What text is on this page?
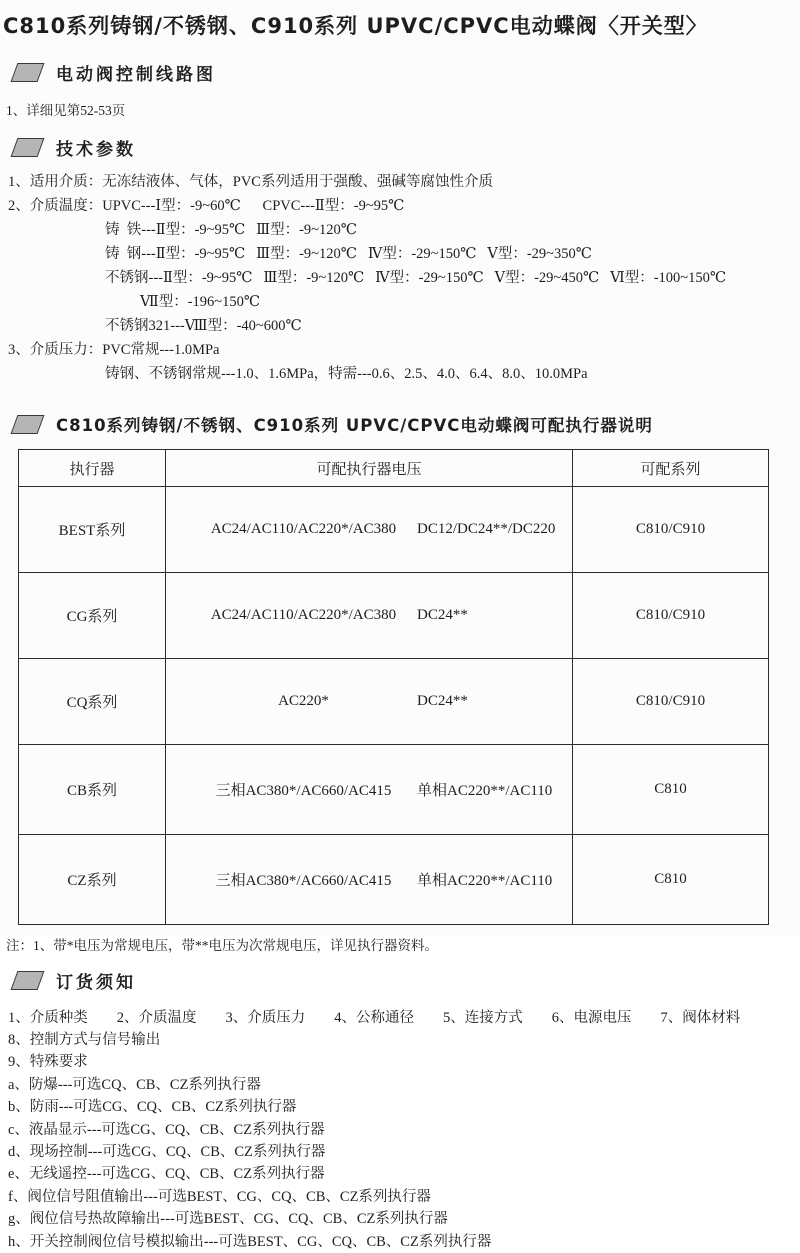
C810系列铸钢/不锈钢、C910系列 UPVC/CPVC电动蝶阀〈开关型〉
电动阀控制线路图
1、详细见第52-53页
技术参数
1、适用介质：无冻结液体、气体，PVC系列适用于强酸、强碱等腐蚀性介质
2、介质温度：UPVC---Ⅰ型：-9~60℃      CPVC---Ⅱ型：-9~95℃
铸  铁---Ⅱ型：-9~95℃   Ⅲ型：-9~120℃
铸  钢---Ⅱ型：-9~95℃   Ⅲ型：-9~120℃   Ⅳ型：-29~150℃   Ⅴ型：-29~350℃
不锈钢---Ⅱ型：-9~95℃   Ⅲ型：-9~120℃   Ⅳ型：-29~150℃   Ⅴ型：-29~450℃   Ⅵ型：-100~150℃
Ⅶ型：-196~150℃
不锈钢321---Ⅷ型：-40~600℃
3、介质压力：PVC常规---1.0MPa
铸钢、不锈钢常规---1.0、1.6MPa，特需---0.6、2.5、4.0、6.4、8.0、10.0MPa
C810系列铸钢/不锈钢、C910系列 UPVC/CPVC电动蝶阀可配执行器说明
执行器	可配执行器电压	可配系列
BEST系列	AC24/AC110/AC220*/AC380 DC12/DC24**/DC220	C810/C910
CG系列	AC24/AC110/AC220*/AC380 DC24**	C810/C910
CQ系列	AC220* DC24**	C810/C910
CB系列	三相AC380*/AC660/AC415 单相AC220**/AC110	C810
CZ系列	三相AC380*/AC660/AC415 单相AC220**/AC110	C810
注：1、带*电压为常规电压，带**电压为次常规电压，详见执行器资料。
订货须知
1、介质种类 2、介质温度 3、介质压力 4、公称通径 5、连接方式 6、电源电压 7、阀体材料
8、控制方式与信号输出
9、特殊要求
a、防爆---可选CQ、CB、CZ系列执行器
b、防雨---可选CG、CQ、CB、CZ系列执行器
c、液晶显示---可选CG、CQ、CB、CZ系列执行器
d、现场控制---可选CG、CQ、CB、CZ系列执行器
e、无线遥控---可选CG、CQ、CB、CZ系列执行器
f、阀位信号阻值输出---可选BEST、CG、CQ、CB、CZ系列执行器
g、阀位信号热故障输出---可选BEST、CG、CQ、CB、CZ系列执行器
h、开关控制阀位信号模拟输出---可选BEST、CG、CQ、CB、CZ系列执行器
